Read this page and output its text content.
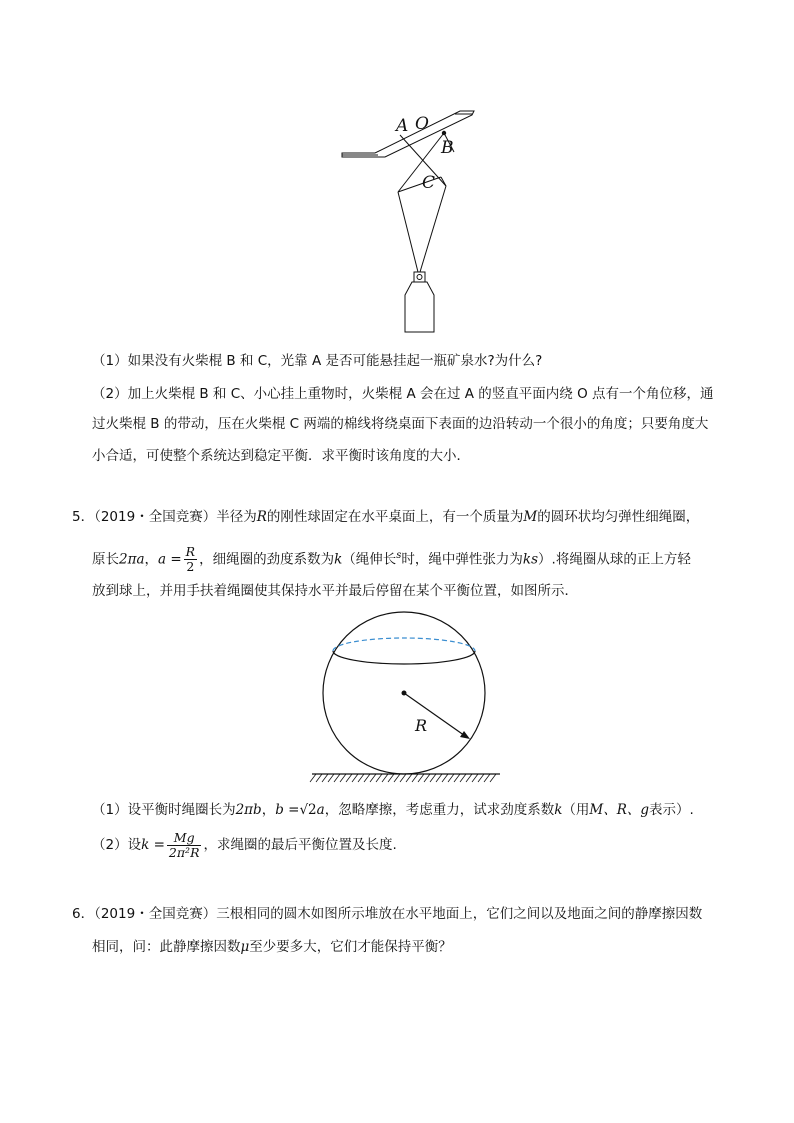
A O
B
C
（1）如果没有火柴棍 B 和 C，光靠 A 是否可能悬挂起一瓶矿泉水?为什么?
（2）加上火柴棍 B 和 C、小心挂上重物时，火柴棍 A 会在过 A 的竖直平面内绕 O 点有一个角位移，通
过火柴棍 B 的带动，压在火柴棍 C 两端的棉线将绕桌面下表面的边沿转动一个很小的角度；只要角度大
小合适，可使整个系统达到稳定平衡．求平衡时该角度的大小．
5．（2019・全国竞赛）半径为R的刚性球固定在水平桌面上，有一个质量为M的圆环状均匀弹性细绳圈，
原长2πa，$a = \frac{R}{2}$ ，细绳圈的劲度系数为k（绳伸长$^s$时，绳中弹性张力为ks）.将绳圈从球的正上方轻
放到球上，并用手扶着绳圈使其保持水平并最后停留在某个平衡位置，如图所示．
R
（1）设平衡时绳圈长为2πb，b =√2a，忽略摩擦，考虑重力，试求劲度系数k（用M、R、g表示）.
（2）设$k = \frac{Mg}{\text{2π²R}}$ ，求绳圈的最后平衡位置及长度.
6．（2019・全国竞赛）三根相同的圆木如图所示堆放在水平地面上，它们之间以及地面之间的静摩擦因数
相同，问：此静摩擦因数μ至少要多大，它们才能保持平衡？
